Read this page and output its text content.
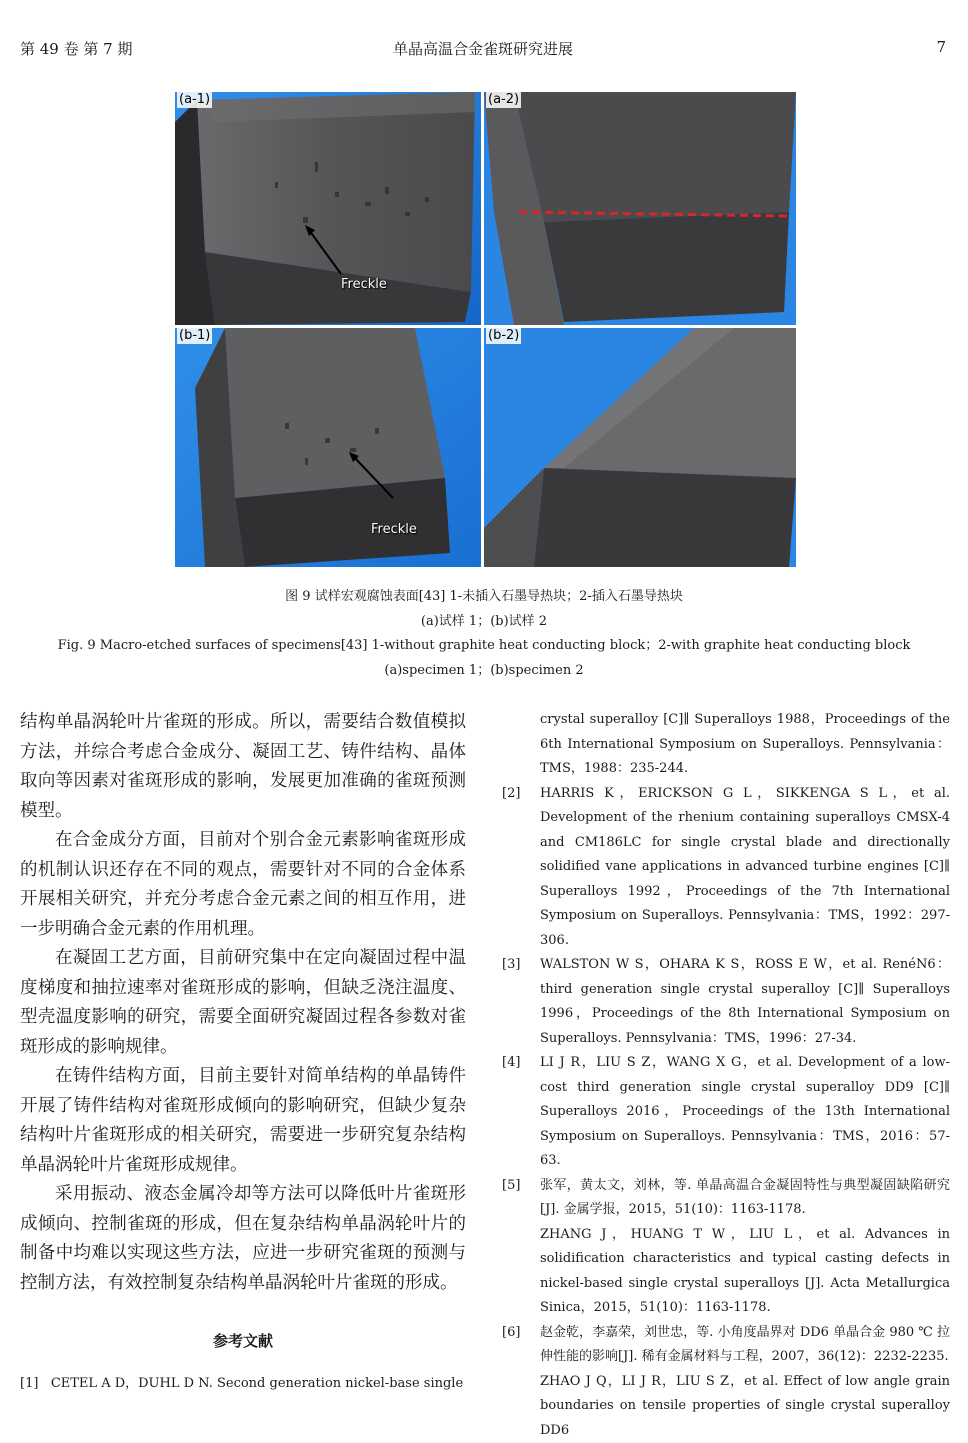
第 49 卷 第 7 期	单晶高温合金雀斑研究进展	7
(a-1)
Freckle
(a-2)
(b-1)
Freckle
(b-2)
图 9 试样宏观腐蚀表面[43] 1-未插入石墨导热块；2-插入石墨导热块
(a)试样 1；(b)试样 2
Fig. 9 Macro-etched surfaces of specimens[43] 1-without graphite heat conducting block；2-with graphite heat conducting block
(a)specimen 1；(b)specimen 2

结构单晶涡轮叶片雀斑的形成。所以，需要结合数值模拟方法，并综合考虑合金成分、凝固工艺、铸件结构、晶体取向等因素对雀斑形成的影响，发展更加准确的雀斑预测模型。

在合金成分方面，目前对个别合金元素影响雀斑形成的机制认识还存在不同的观点，需要针对不同的合金体系开展相关研究，并充分考虑合金元素之间的相互作用，进一步明确合金元素的作用机理。

在凝固工艺方面，目前研究集中在定向凝固过程中温度梯度和抽拉速率对雀斑形成的影响，但缺乏浇注温度、型壳温度影响的研究，需要全面研究凝固过程各参数对雀斑形成的影响规律。

在铸件结构方面，目前主要针对简单结构的单晶铸件开展了铸件结构对雀斑形成倾向的影响研究，但缺少复杂结构叶片雀斑形成的相关研究，需要进一步研究复杂结构单晶涡轮叶片雀斑形成规律。

采用振动、液态金属冷却等方法可以降低叶片雀斑形成倾向、控制雀斑的形成，但在复杂结构单晶涡轮叶片的制备中均难以实现这些方法，应进一步研究雀斑的预测与控制方法，有效控制复杂结构单晶涡轮叶片雀斑的形成。

参考文献
[1] CETEL A D，DUHL D N. Second generation nickel-base single

crystal superalloy [C]∥ Superalloys 1988，Proceedings of the 6th International Symposium on Superalloys. Pennsylvania：TMS，1988：235-244.

[2] HARRIS K，ERICKSON G L，SIKKENGA S L，et al. Development of the rhenium containing superalloys CMSX-4 and CM186LC for single crystal blade and directionally solidified vane applications in advanced turbine engines [C]∥ Superalloys 1992，Proceedings of the 7th International Symposium on Superalloys. Pennsylvania：TMS，1992：297-306.

[3] WALSTON W S，OHARA K S，ROSS E W，et al. RenéN6：third generation single crystal superalloy [C]∥ Superalloys 1996，Proceedings of the 8th International Symposium on Superalloys. Pennsylvania：TMS，1996：27-34.

[4] LI J R，LIU S Z，WANG X G，et al. Development of a low-cost third generation single crystal superalloy DD9 [C]∥ Superalloys 2016，Proceedings of the 13th International Symposium on Superalloys. Pennsylvania：TMS，2016：57-63.

[5] 张军，黄太文，刘林，等. 单晶高温合金凝固特性与典型凝固缺陷研究[J]. 金属学报，2015，51(10)：1163-1178.

ZHANG J，HUANG T W，LIU L，et al. Advances in solidification characteristics and typical casting defects in nickel-based single crystal superalloys [J]. Acta Metallurgica Sinica，2015，51(10)：1163-1178.

[6] 赵金乾，李嘉荣，刘世忠，等. 小角度晶界对 DD6 单晶合金 980 ℃ 拉伸性能的影响[J]. 稀有金属材料与工程，2007，36(12)：2232-2235.

ZHAO J Q，LI J R，LIU S Z，et al. Effect of low angle grain boundaries on tensile properties of single crystal superalloy DD6
